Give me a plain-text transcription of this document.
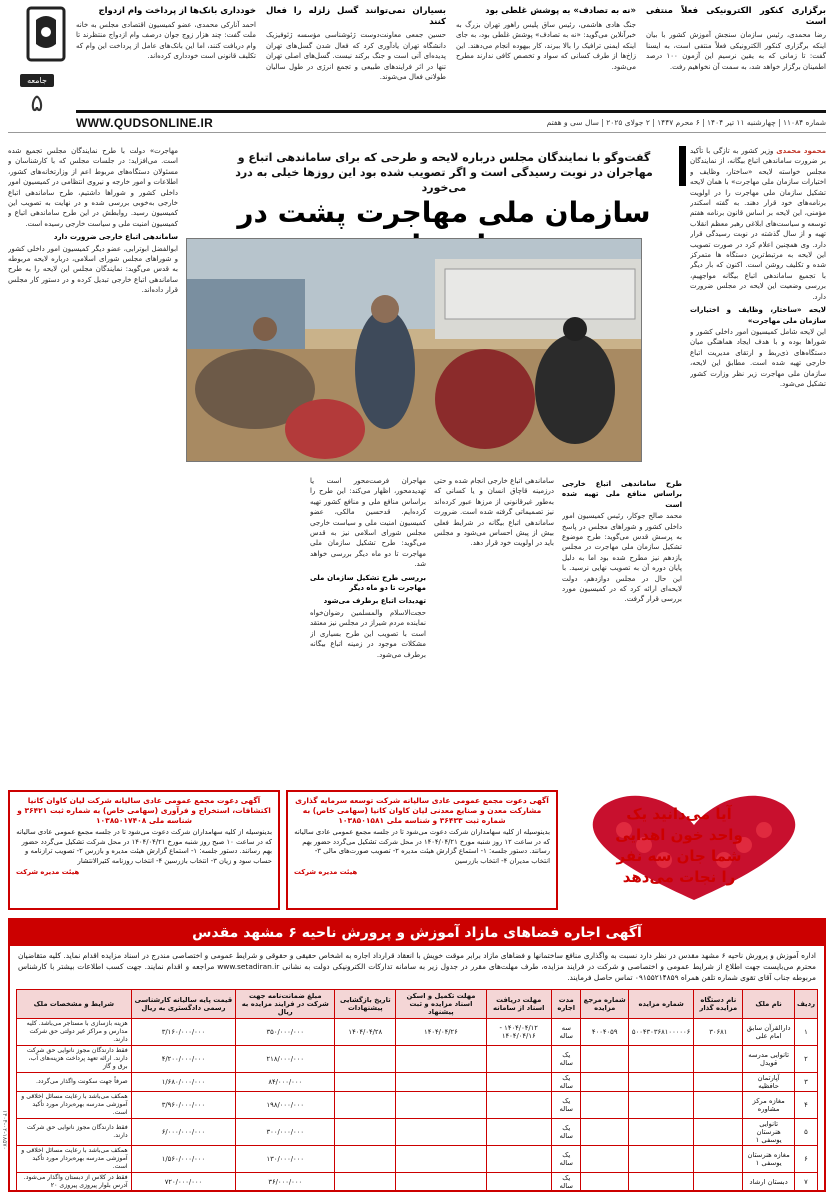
جامعه
۵
برگزاری کنکور الکترونیکی فعلاً منتفی است

رضا محمدی، رئیس سازمان سنجش آموزش کشور با بیان اینکه برگزاری کنکور الکترونیکی فعلاً منتفی است، به ایسنا گفت: تا زمانی که به یقین نرسیم این آزمون ۱۰۰ درصد اطمینان برگزار خواهد شد، به سمت آن نخواهیم رفت.

«نه به تصادف» به پوشش غلطی بود

جنگ هادی هاشمی، رئیس ساق پلیس راهور تهران بزرگ به خبرآنلاین می‌گوید: «نه به تصادف» پوشش غلطی بود، به جای اینکه ایمنی ترافیک را بالا ببرند، کار بیهوده انجام می‌دهند. این زاخ‌ها از طرف کسانی که سواد و تخصص کافی ندارند مطرح می‌شود.

بسیاران تمی‌توانند گسل زلزله را فعال کنند

حسین جمعی معاونت‌دوست ژئوشناسی مؤسسه ژئوفیزیک دانشگاه تهران یادآوری کرد که فعال شدن گسل‌های تهران پدیده‌ای آنی است و جنگ برکند نیست. گسل‌های اصلی تهران تنها در اثر فرایندهای طبیعی و تجمع انرژی در طول سالیان طولانی فعال می‌شوند.

خودداری بانک‌ها از پرداخت وام ازدواج

احمد آنارکی محمدی، عضو کمیسیون اقتصادی مجلس به خانه ملت گفت: چند هزار زوج جوان درصف وام ازدواج منتظرند تا وام دریافت کنند، اما این بانک‌های عامل از پرداخت این وام که تکلیف قانونی است خودداری کرده‌اند.

شماره ۱۱۰۸۴ | چهارشنبه ۱۱ تیر ۱۴۰۴ | ۶ محرم ۱۴۴۷ | ۲ جولای ۲۰۲۵ | سال سی و هفتم
WWW.QUDSONLINE.IR
گفت‌وگو با نمایندگان مجلس درباره لایحه و طرحی که برای ساماندهی اتباع و مهاجران در نوبت رسیدگی است و اگر تصویب شده بود این روزها خیلی به درد می‌خورد
سازمان ملی مهاجرت پشت در
محمود محمدی وزیر کشور به تازگی با تأکید بر ضرورت ساماندهی اتباع بیگانه، از نمایندگان مجلس خواسته لایحه «ساختار، وظایف و اختیارات سازمان ملی مهاجرت» با همان لایحه تشکیل سازمان ملی مهاجرت را در اولویت برنامه‌های خود قرار دهند. به گفته اسکندر مؤمنی، این لایحه بر اساس قانون برنامه هفتم توسعه و سیاست‌های ابلاغی رهبر معظم انقلاب تهیه و از سال گذشته در نوبت رسیدگی قرار دارد. وی همچنین اعلام کرد در صورت تصویب این لایحه به مرتبط‌ترین دستگاه ها متمرکز شده و تکلیف روشن است. اکنون که بار دیگر با تجمیع ساماندهی اتباع بیگانه مواجهیم، بررسی وضعیت این لایحه در مجلس ضرورت دارد.
لایحه «ساختار، وظایف و اختیارات سازمان ملی مهاجرت»
این لایحه شامل کمیسیون امور داخلی کشور و شوراها بوده و با هدف ایجاد هماهنگی میان دستگاه‌های ذی‌ربط و ارتقای مدیریت اتباع خارجی تهیه شده است. مطابق این لایحه، سازمان ملی مهاجرت زیر نظر وزارت کشور تشکیل می‌شود.
مهاجرت» دولت با طرح نمایندگان مجلس تجمیع شده است. می‌افزاید: در جلسات مجلس که با کارشناسان و مسئولان دستگاه‌های مربوط اعم از وزارتخانه‌های کشور، اطلاعات و امور خارجه و نیروی انتظامی در کمیسیون امور داخلی کشور و شوراها داشتیم، طرح ساماندهی اتباع خارجی به‌خوبی بررسی شده و در نهایت به تصویب این کمیسیون رسید. روابطش در این طرح ساماندهی اتباع و کمیسیون امنیت ملی و سیاست خارجی رسیده است.
ساماندهی اتباع خارجی ضرورت دارد
ابوالفضل ابوترابی، عضو دیگر کمیسیون امور داخلی کشور و شوراهای مجلس شورای اسلامی، درباره لایحه مربوطه به قدس می‌گوید: نمایندگان مجلس این لایحه را به طرح ساماندهی اتباع خارجی تبدیل کرده و در دستور کار مجلس قرار داده‌اند.
طرح ساماندهی اتباع خارجی براساس منافع ملی تهیه شده است
محمد صالح جوکار، رئیس کمیسیون امور داخلی کشور و شوراهای مجلس در پاسخ به پرسش قدس می‌گوید: طرح موضوع تشکیل سازمان ملی مهاجرت در مجلس یازدهم نیز مطرح شده بود اما به دلیل پایان دوره آن به تصویب نهایی نرسید. با این حال در مجلس دوازدهم، دولت لایحه‌ای ارائه کرد که در کمیسیون مورد بررسی قرار گرفت.
ساماندهی اتباع خارجی انجام شده و حتی درزمینه قاچاق انسان و یا کسانی که به‌طور غیرقانونی از مرزها عبور کرده‌اند نیز تصمیماتی گرفته شده است. ضرورت ساماندهی اتباع بیگانه در شرایط فعلی بیش از پیش احساس می‌شود و مجلس باید در اولویت خود قرار دهد.
مهاجران فرصت‌محور است یا تهدیدمحور، اظهار می‌کند: این طرح را براساس منافع ملی و منافع کشور تهیه کرده‌ایم. قدحسین مالکی، عضو کمیسیون امنیت ملی و سیاست خارجی مجلس شورای اسلامی نیز به قدس می‌گوید: طرح تشکیل سازمان ملی مهاجرت تا دو ماه دیگر بررسی خواهد شد.
بررسی طرح تشکیل سازمان ملی مهاجرت تا دو ماه دیگر
تهدیدات اتباع برطرف می‌شود
حجت‌الاسلام والمسلمین رضوان‌خواه نماینده مردم شیراز در مجلس نیز معتقد است با تصویب این طرح بسیاری از مشکلات موجود در زمینه اتباع بیگانه برطرف می‌شود.
آیا می‌دانید یک واحد خون اهدایی شما جان سه نفر را نجات می‌دهد
آگهی دعوت مجمع عمومی عادی سالیانه شرکت توسعه سرمایه گذاری مشارکت معدن و صنایع معدنی لیان کاوان کانیا (سهامی خاص) به شماره ثبت ۳۶۴۳۳ و شناسه ملی ۱۰۳۸۵۰۱۵۸۱
بدینوسیله از کلیه سهامداران شرکت دعوت می‌شود تا در جلسه مجمع عمومی عادی سالیانه که در ساعت ۱۲ روز شنبه مورخ ۱۴۰۴/۰۴/۲۱ در محل شرکت تشکیل می‌گردد حضور بهم رسانند. دستور جلسه: ۱- استماع گزارش هیئت مدیره ۲- تصویب صورت‌های مالی ۳- انتخاب مدیران ۴- انتخاب بازرسین
هیئت مدیره شرکت
آگهی دعوت مجمع عمومی عادی سالیانه شرکت لیان کاوان کانیا اکتشافات، استخراج و فرآوری (سهامی خاص) به شماره ثبت ۳۶۴۲۱ و شناسه ملی ۱۰۳۸۵۰۱۷۴۰۸
بدینوسیله از کلیه سهامداران شرکت دعوت می‌شود تا در جلسه مجمع عمومی عادی سالیانه که در ساعت ۱۰ صبح روز شنبه مورخ ۱۴۰۴/۰۴/۲۱ در محل شرکت تشکیل می‌گردد حضور بهم رسانند. دستور جلسه: ۱- استماع گزارش هیئت مدیره و بازرس ۲- تصویب ترازنامه و حساب سود و زیان ۳- انتخاب بازرسین ۴- انتخاب روزنامه کثیرالانتشار
هیئت مدیره شرکت
آگهی اجاره فضاهای مازاد آموزش و پرورش ناحیه ۶ مشهد مقدس
اداره آموزش و پرورش ناحیه ۶ مشهد مقدس در نظر دارد نسبت به واگذاری منافع ساختمانها و فضاهای مازاد برابر موقت خویش با انعقاد قرارداد اجاره به اشخاص حقیقی و حقوقی و شرایط عمومی و اختصاصی مندرج در اسناد مزایده اقدام نماید. کلیه متقاضیان محترم می‌بایست جهت اطلاع از شرایط عمومی و اختصاصی و شرکت در فرایند مزایده، طرف مهلت‌های مقرر در جدول زیر به سامانه تدارکات الکترونیکی دولت به نشانی www.setadiran.ir مراجعه و اقدام نمایند. جهت کسب اطلاعات بیشتر با کارشناس مربوطه جناب آقای تقوی شماره تلفن همراه ۰۹۱۵۵۲۱۴۸۵۹ تماس حاصل فرمایند.
ردیف	نام ملک	نام دستگاه مزایده گذار	شماره مزایده	شماره مرجع مزایده	مدت اجاره	مهلت دریافت اسناد از سامانه	مهلت تکمیل و اسکن اسناد مزایده و ثبت پیشنهاد	تاریخ بازگشایی پیشنهادات	مبلغ ضمانت‌نامه جهت شرکت در فرایند مزایده به ریال	قیمت پایه سالیانه کارشناسی رسمی دادگستری به ریال	شرایط و مشخصات ملک
۱	دارالقرآن سابق امام علی	۳۰۶۸۱	۵۰۰۴۳۰۳۶۸۱۰۰۰۰۰۶	۴۰۰۴۰۵۹	سه ساله	۱۴۰۴/۰۴/۱۲ - ۱۴۰۴/۰۴/۱۶	۱۴۰۴/۰۴/۲۶	۱۴۰۴/۰۴/۲۸	۳۵۰/۰۰۰/۰۰۰	۳/۱۶۰/۰۰۰/۰۰۰	هزینه بازسازی با مستاجر می‌باشد. کلیه مدارس و مراکز غیر دولتی حق شرکت دارند.
۲	تانوایی مدرسه قویدل				یک ساله				۲۱۸/۰۰۰/۰۰۰	۴/۲۰۰/۰۰۰/۰۰۰	فقط دارندگان مجوز نانوایی حق شرکت دارند. ارائه تعهد پرداخت هزینه‌های آب، برق و گاز
۳	آپارتمان حافظیه				یک ساله				۸۴/۰۰۰/۰۰۰	۱/۶۸۰/۰۰۰/۰۰۰	صرفاً جهت سکونت واگذار می‌گردد.
۴	مغازه مرکز مشاوره				یک ساله				۱۹۸/۰۰۰/۰۰۰	۳/۹۶۰/۰۰۰/۰۰۰	همکف می‌باشد با رعایت مسائل اخلاقی و آموزشی مدرسه بهره‌بردار مورد تأکید است.
۵	تانوایی هنرستان یوسفی ۱				یک ساله				۳۰۰/۰۰۰/۰۰۰	۶/۰۰۰/۰۰۰/۰۰۰	فقط دارندگان مجوز نانوایی حق شرکت دارند.
۶	مغازه هنرستان یوسفی ۱				یک ساله				۱۳۰/۰۰۰/۰۰۰	۱/۵۶۰/۰۰۰/۰۰۰	همکف می‌باشد با رعایت مسائل اخلاقی و آموزشی مدرسه بهره‌بردار مورد تأکید است.
۷	دبستان ارشاد				یک ساله				۳۶/۰۰۰/۰۰۰	۷۲۰/۰۰۰/۰۰۰	فقط در کلاس از دبستان واگذار می‌شود. آدرس بلوار پیروزی پیروزی ۲۰
۱۴۰۴-۰۲-۱۸۵۷۰
